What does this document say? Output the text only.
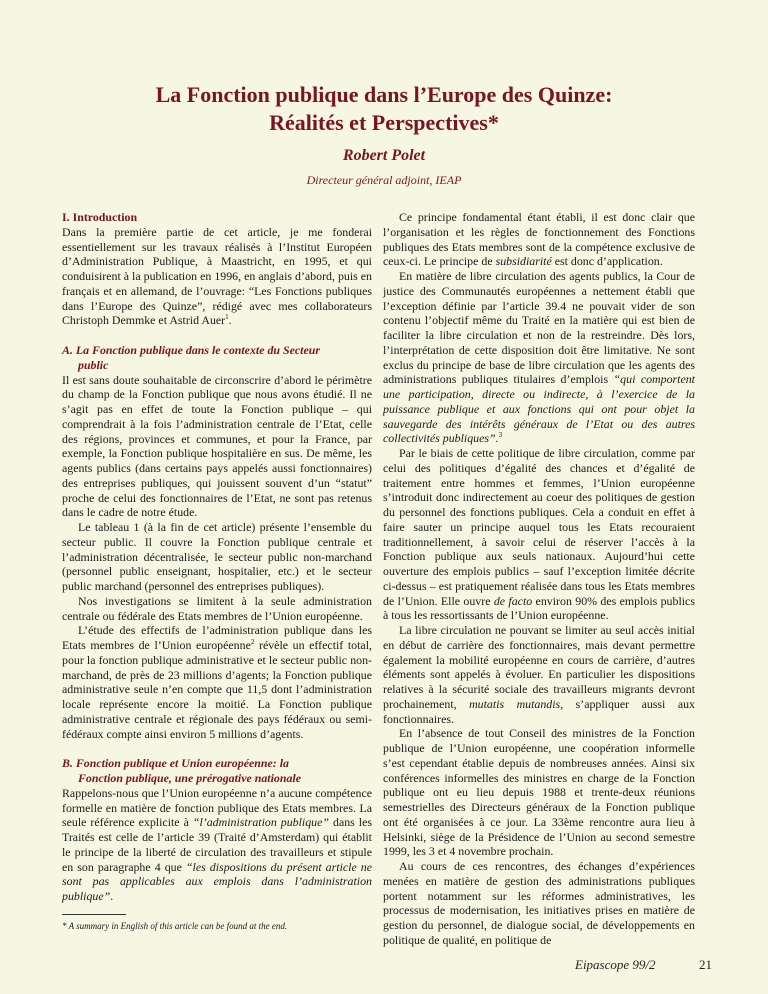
La Fonction publique dans l’Europe des Quinze:
Réalités et Perspectives*

Robert Polet

Directeur général adjoint, IEAP

I. Introduction

Dans la première partie de cet article, je me fonderai essentiellement sur les travaux réalisés à l’Institut Européen d’Administration Publique, à Maastricht, en 1995, et qui conduisirent à la publication en 1996, en anglais d’abord, puis en français et en allemand, de l’ouvrage: “Les Fonctions publiques dans l’Europe des Quinze”, rédigé avec mes collaborateurs Christoph Demmke et Astrid Auer$^1$.

A. La Fonction publique dans le contexte du Secteur
public

Il est sans doute souhaitable de circonscrire d’abord le périmètre du champ de la Fonction publique que nous avons étudié. Il ne s’agit pas en effet de toute la Fonction publique – qui comprendrait à la fois l’administration centrale de l’Etat, celle des régions, provinces et communes, et pour la France, par exemple, la Fonction publique hospitalière en sus. De même, les agents publics (dans certains pays appelés aussi fonctionnaires) des entreprises publiques, qui jouissent souvent d’un “statut” proche de celui des fonctionnaires de l’Etat, ne sont pas retenus dans le cadre de notre étude.

Le tableau 1 (à la fin de cet article) présente l’ensemble du secteur public. Il couvre la Fonction publique centrale et l’administration décentralisée, le secteur public non-marchand (personnel public enseignant, hospitalier, etc.) et le secteur public marchand (personnel des entreprises publiques).

Nos investigations se limitent à la seule administration centrale ou fédérale des Etats membres de l’Union européenne.

L’étude des effectifs de l’administration publique dans les Etats membres de l’Union européenne$^2$ révèle un effectif total, pour la fonction publique administrative et le secteur public non-marchand, de près de 23 millions d’agents; la Fonction publique administrative seule n’en compte que 11,5 dont l’administration locale représente encore la moitié. La Fonction publique administrative centrale et régionale des pays fédéraux ou semi-fédéraux compte ainsi environ 5 millions d’agents.

B. Fonction publique et Union européenne: la
Fonction publique, une prérogative nationale

Rappelons-nous que l’Union européenne n’a aucune compétence formelle en matière de fonction publique des Etats membres. La seule référence explicite à “l’administration publique” dans les Traités est celle de l’article 39 (Traité d’Amsterdam) qui établit le principe de la liberté de circulation des travailleurs et stipule en son paragraphe 4 que “les dispositions du présent article ne sont pas applicables aux emplois dans l’administration publique”.

* A summary in English of this article can be found at the end.

Ce principe fondamental étant établi, il est donc clair que l’organisation et les règles de fonctionnement des Fonctions publiques des Etats membres sont de la compétence exclusive de ceux-ci. Le principe de subsidiarité est donc d’application.

En matière de libre circulation des agents publics, la Cour de justice des Communautés européennes a nettement établi que l’exception définie par l’article 39.4 ne pouvait vider de son contenu l’objectif même du Traité en la matière qui est bien de faciliter la libre circulation et non de la restreindre. Dès lors, l’interprétation de cette disposition doit être limitative. Ne sont exclus du principe de base de libre circulation que les agents des administrations publiques titulaires d’emplois “qui comportent une participation, directe ou indirecte, à l’exercice de la puissance publique et aux fonctions qui ont pour objet la sauvegarde des intérêts généraux de l’Etat ou des autres collectivités publiques”.$^3$

Par le biais de cette politique de libre circulation, comme par celui des politiques d’égalité des chances et d’égalité de traitement entre hommes et femmes, l’Union européenne s’introduit donc indirectement au coeur des politiques de gestion du personnel des fonctions publiques. Cela a conduit en effet à faire sauter un principe auquel tous les Etats recouraient traditionnellement, à savoir celui de réserver l’accès à la Fonction publique aux seuls nationaux. Aujourd’hui cette ouverture des emplois publics – sauf l’exception limitée décrite ci-dessus – est pratiquement réalisée dans tous les Etats membres de l’Union. Elle ouvre de facto environ 90% des emplois publics à tous les ressortissants de l’Union européenne.

La libre circulation ne pouvant se limiter au seul accès initial en début de carrière des fonctionnaires, mais devant permettre également la mobilité européenne en cours de carrière, d’autres éléments sont appelés à évoluer. En particulier les dispositions relatives à la sécurité sociale des travailleurs migrants devront prochainement, mutatis mutandis, s’appliquer aussi aux fonctionnaires.

En l’absence de tout Conseil des ministres de la Fonction publique de l’Union européenne, une coopération informelle s’est cependant établie depuis de nombreuses années. Ainsi six conférences informelles des ministres en charge de la Fonction publique ont eu lieu depuis 1988 et trente-deux réunions semestrielles des Directeurs généraux de la Fonction publique ont été organisées à ce jour. La 33ème rencontre aura lieu à Helsinki, siège de la Présidence de l’Union au second semestre 1999, les 3 et 4 novembre prochain.

Au cours de ces rencontres, des échanges d’expériences menées en matière de gestion des administrations publiques portent notamment sur les réformes administratives, les processus de modernisation, les initiatives prises en matière de gestion du personnel, de dialogue social, de développements en politique de qualité, en politique de

Eipascope 99/2	21
